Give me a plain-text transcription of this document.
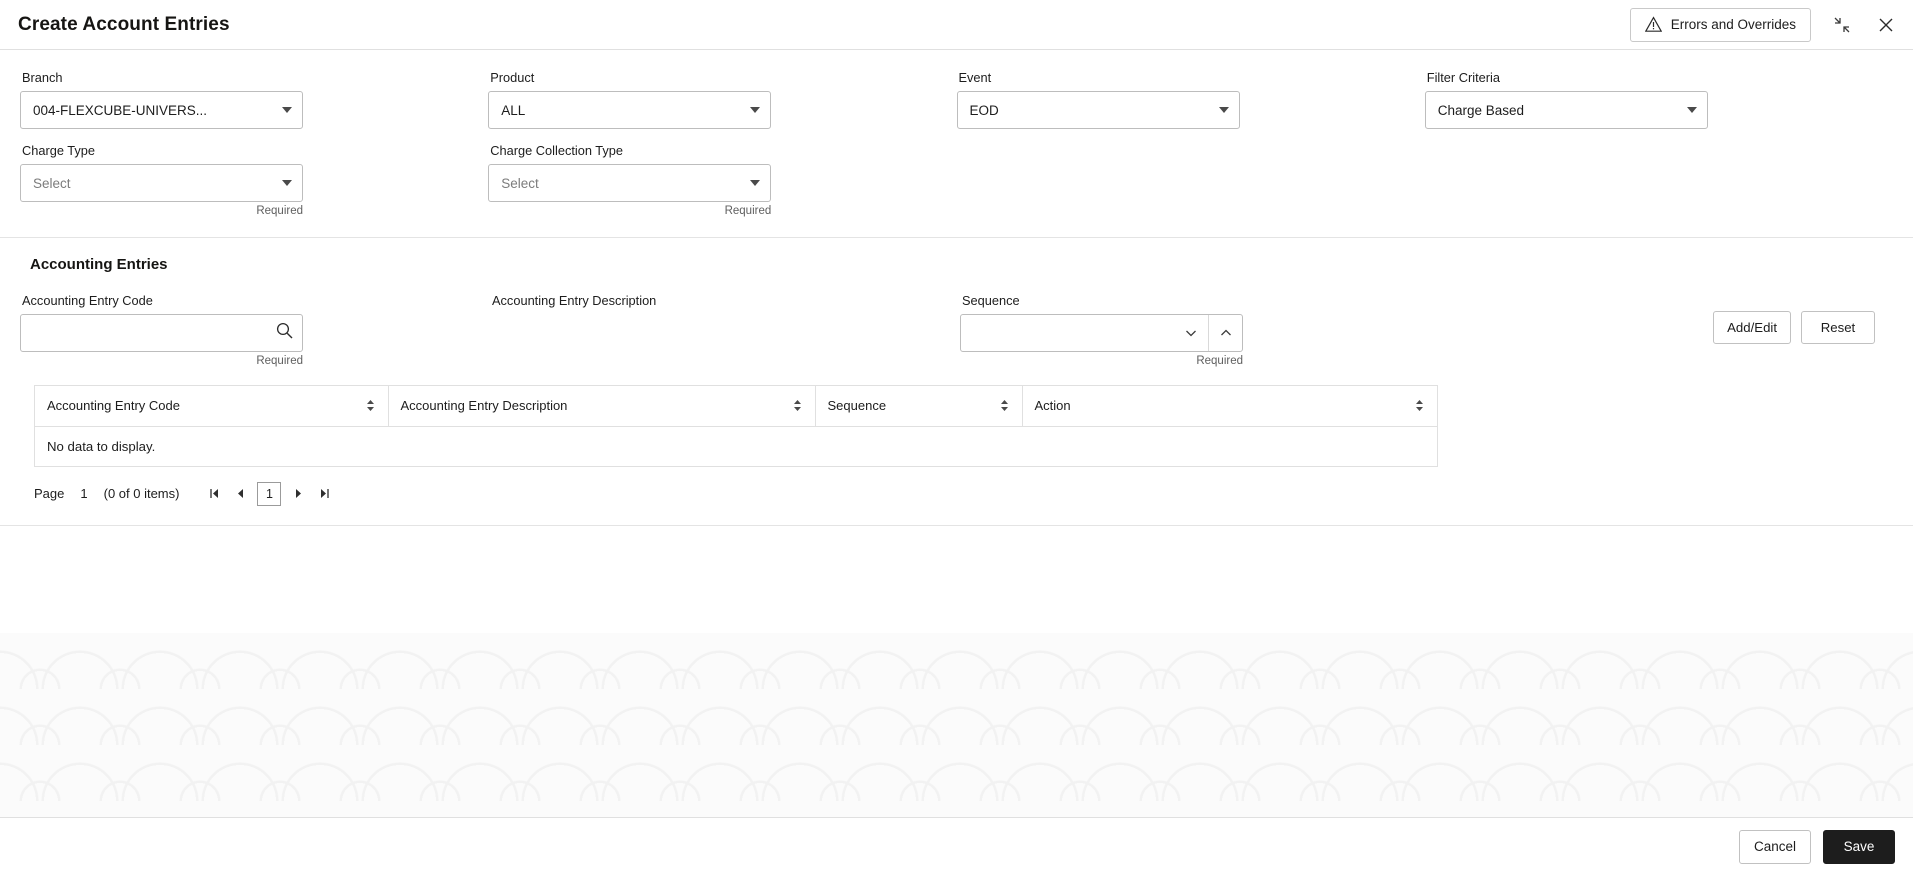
Create Account Entries	Errors and Overrides
Branch
004-FLEXCUBE-UNIVERS...
Product
ALL
Event
EOD
Filter Criteria
Charge Based
Charge Type
Select
Required
Charge Collection Type
Select
Required
Accounting Entries
Accounting Entry Code
Required
Accounting Entry Description	Sequence
Required
Add/Edit	Reset
Accounting Entry Code	Accounting Entry Description	Sequence	Action

No data to display.
Page 1 (0 of 0 items)	1
Cancel	Save
